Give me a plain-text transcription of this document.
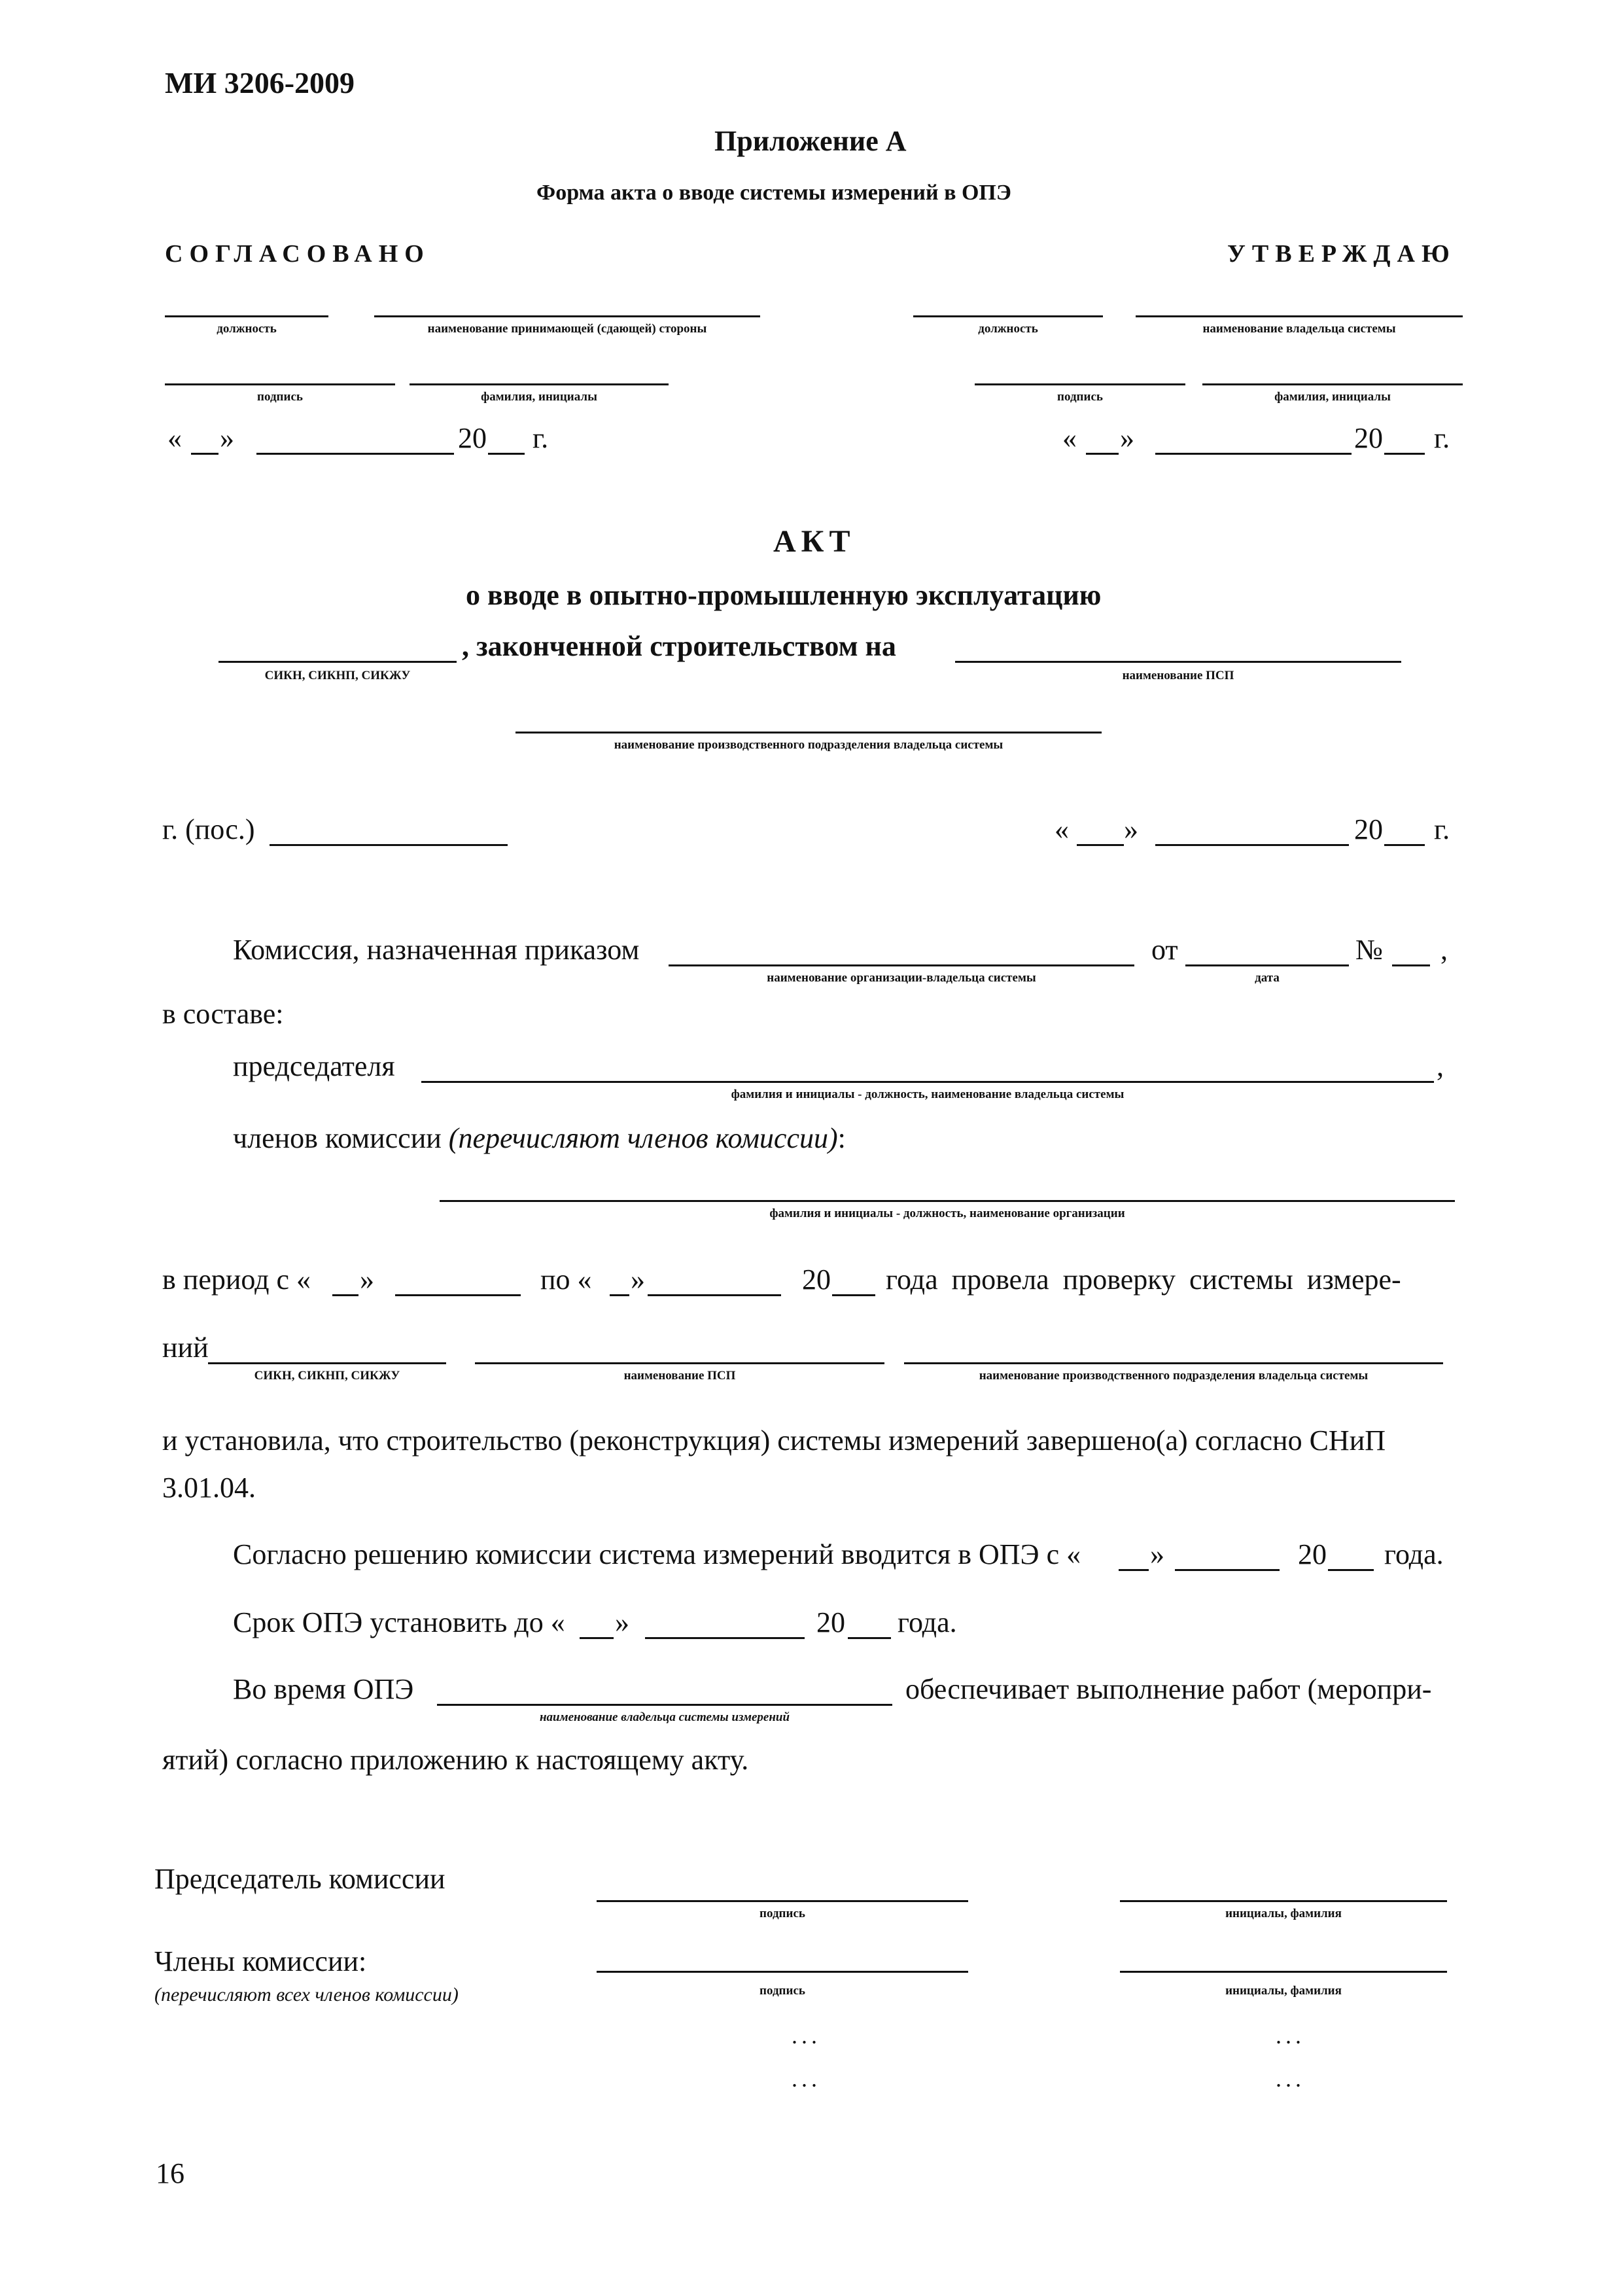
МИ 3206-2009
Приложение А
Форма акта о вводе системы измерений в ОПЭ
СОГЛАСОВАНО	УТВЕРЖДАЮ
должность	наименование принимающей (сдающей) стороны	должность	наименование владельца системы
подпись	фамилия, инициалы	подпись	фамилия, инициалы
« »	20 г.	« »	20 г.
АКТ
о вводе в опытно-промышленную эксплуатацию
, законченной строительством на
СИКН, СИКНП, СИКЖУ	наименование ПСП
наименование производственного подразделения владельца системы
г. (пос.)	« »	20 г.
Комиссия, назначенная приказом	от	№ ,
наименование организации-владельца системы	дата
в составе:
председателя	,
фамилия и инициалы - должность, наименование владельца системы
членов комиссии (перечисляют членов комиссии):
фамилия и инициалы - должность, наименование организации
в период с « »	по « »	20 года провела проверку системы измере-
ний
СИКН, СИКНП, СИКЖУ	наименование ПСП	наименование производственного подразделения владельца системы
и установила, что строительство (реконструкция) системы измерений завершено(а) согласно СНиП
3.01.04.
Согласно решению комиссии система измерений вводится в ОПЭ с « »	20 года.
Срок ОПЭ установить до « »	20 года.
Во время ОПЭ
наименование владельца системы измерений
обеспечивает выполнение работ (меропри-
ятий) согласно приложению к настоящему акту.
Председатель комиссии
подпись	инициалы, фамилия
Члены комиссии:
(перечисляют всех членов комиссии)	подпись	инициалы, фамилия
...	...
...	...
16
